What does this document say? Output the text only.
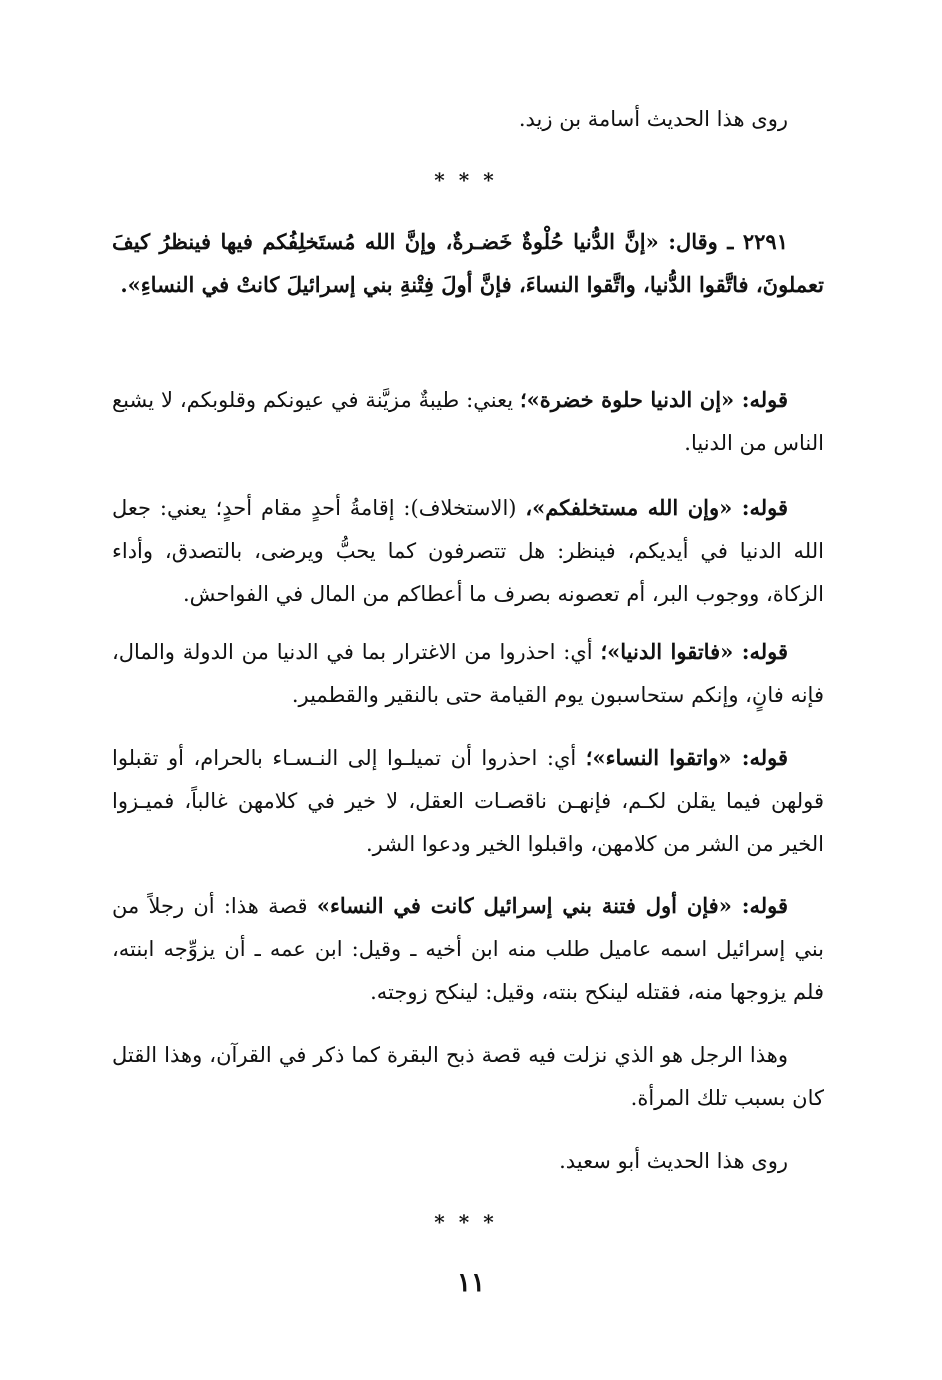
روى هذا الحديث أسامة بن زيد.

***

٢٢٩١ ـ وقال: «إنَّ الدُّنيا حُلْوةٌ خَضـرةٌ، وإنَّ الله مُستَخلِفُكم فيها فينظرُ كيفَ تعملونَ، فاتَّقوا الدُّنيا، واتَّقوا النساءَ، فإنَّ أولَ فِتْنةِ بني إسرائيلَ كانتْ في النساءِ».

قوله: «إن الدنيا حلوة خضرة»؛ يعني: طيبةٌ مزيَّنة في عيونكم وقلوبكم، لا يشبع الناس من الدنيا.

قوله: «وإن الله مستخلفكم»، (الاستخلاف): إقامةُ أحدٍ مقام أحدٍ؛ يعني: جعل الله الدنيا في أيديكم، فينظر: هل تتصرفون كما يحبُّ ويرضى، بالتصدق، وأداء الزكاة، ووجوب البر، أم تعصونه بصرف ما أعطاكم من المال في الفواحش.

قوله: «فاتقوا الدنيا»؛ أي: احذروا من الاغترار بما في الدنيا من الدولة والمال، فإنه فانٍ، وإنكم ستحاسبون يوم القيامة حتى بالنقير والقطمير.

قوله: «واتقوا النساء»؛ أي: احذروا أن تميلـوا إلى النـسـاء بالحرام، أو تقبلوا قولهن فيما يقلن لكـم، فإنهـن ناقصـات العقل، لا خير في كلامهن غالباً، فميـزوا الخير من الشر من كلامهن، واقبلوا الخير ودعوا الشر.

قوله: «فإن أول فتنة بني إسرائيل كانت في النساء» قصة هذا: أن رجلاً من بني إسرائيل اسمه عاميل طلب منه ابن أخيه ـ وقيل: ابن عمه ـ أن يزوِّجه ابنته، فلم يزوجها منه، فقتله لينكح بنته، وقيل: لينكح زوجته.

وهذا الرجل هو الذي نزلت فيه قصة ذبح البقرة كما ذكر في القرآن، وهذا القتل كان بسبب تلك المرأة.

روى هذا الحديث أبو سعيد.

***
١١
